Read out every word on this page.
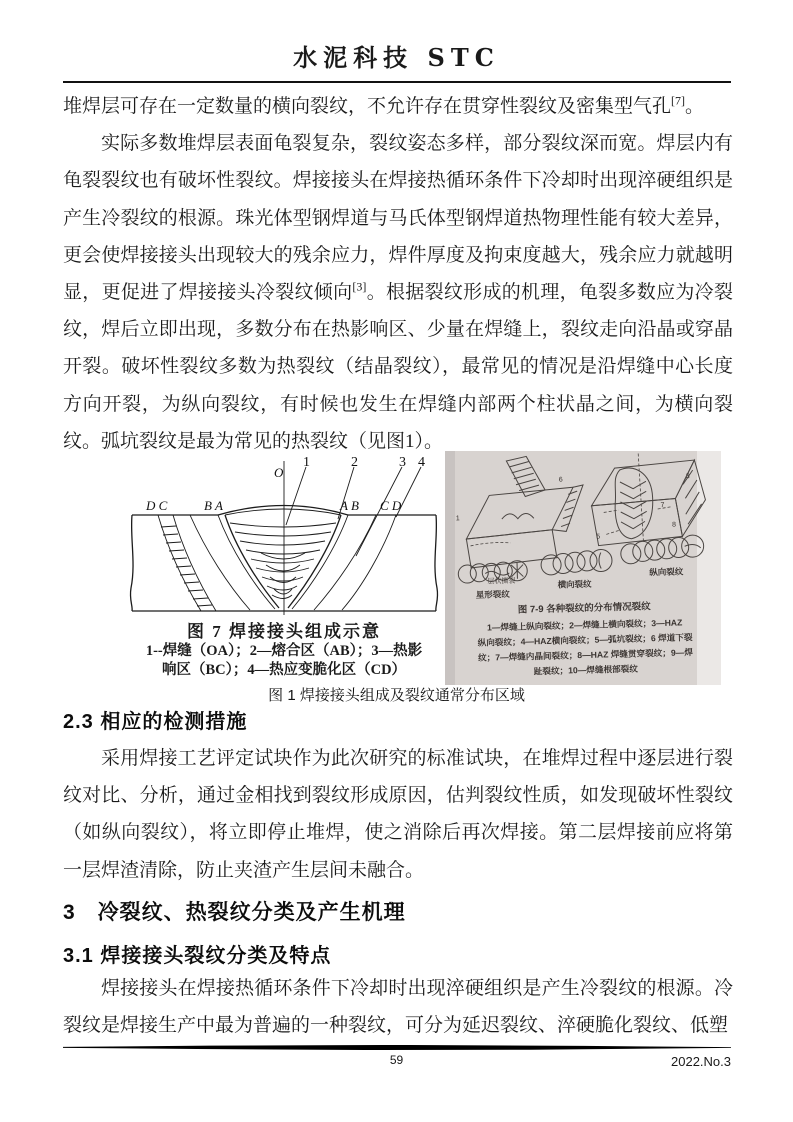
水泥科技 STC

堆焊层可存在一定数量的横向裂纹，不允许存在贯穿性裂纹及密集型气孔[7]。

实际多数堆焊层表面龟裂复杂，裂纹姿态多样，部分裂纹深而宽。焊层内有龟裂裂纹也有破坏性裂纹。焊接接头在焊接热循环条件下冷却时出现淬硬组织是产生冷裂纹的根源。珠光体型钢焊道与马氏体型钢焊道热物理性能有较大差异，更会使焊接接头出现较大的残余应力，焊件厚度及拘束度越大，残余应力就越明显，更促进了焊接接头冷裂纹倾向[3]。根据裂纹形成的机理，龟裂多数应为冷裂纹，焊后立即出现，多数分布在热影响区、少量在焊缝上，裂纹走向沿晶或穿晶开裂。破坏性裂纹多数为热裂纹（结晶裂纹），最常见的情况是沿焊缝中心长度方向开裂，为纵向裂纹，有时候也发生在焊缝内部两个柱状晶之间，为横向裂纹。弧坑裂纹是最为常见的热裂纹（见图1）。

O
D C	B A	A B C D
1	2	3 4
图 7 焊接接头组成示意
1--焊缝（OA）；2—熔合区（AB）；3—热影
响区（BC）；4—热应变脆化区（CD）
1
6	3
7
5
8
层状撕裂
星形裂纹
横向裂纹
纵向裂纹
图 7-9 各种裂纹的分布情况裂纹
1—焊缝上纵向裂纹；2—焊缝上横向裂纹；3—HAZ
纵向裂纹；4—HAZ横向裂纹；5—弧坑裂纹；6 焊道下裂
纹；7—焊缝内晶间裂纹；8—HAZ 焊缝贯穿裂纹；9—焊
趾裂纹；10—焊缝根部裂纹
图 1 焊接接头组成及裂纹通常分布区域
2.3 相应的检测措施

采用焊接工艺评定试块作为此次研究的标准试块，在堆焊过程中逐层进行裂纹对比、分析，通过金相找到裂纹形成原因，估判裂纹性质，如发现破坏性裂纹（如纵向裂纹），将立即停止堆焊，使之消除后再次焊接。第二层焊接前应将第一层焊渣清除，防止夹渣产生层间未融合。

3　冷裂纹、热裂纹分类及产生机理
3.1 焊接接头裂纹分类及特点

焊接接头在焊接热循环条件下冷却时出现淬硬组织是产生冷裂纹的根源。冷裂纹是焊接生产中最为普遍的一种裂纹，可分为延迟裂纹、淬硬脆化裂纹、低塑

59	2022.No.3
